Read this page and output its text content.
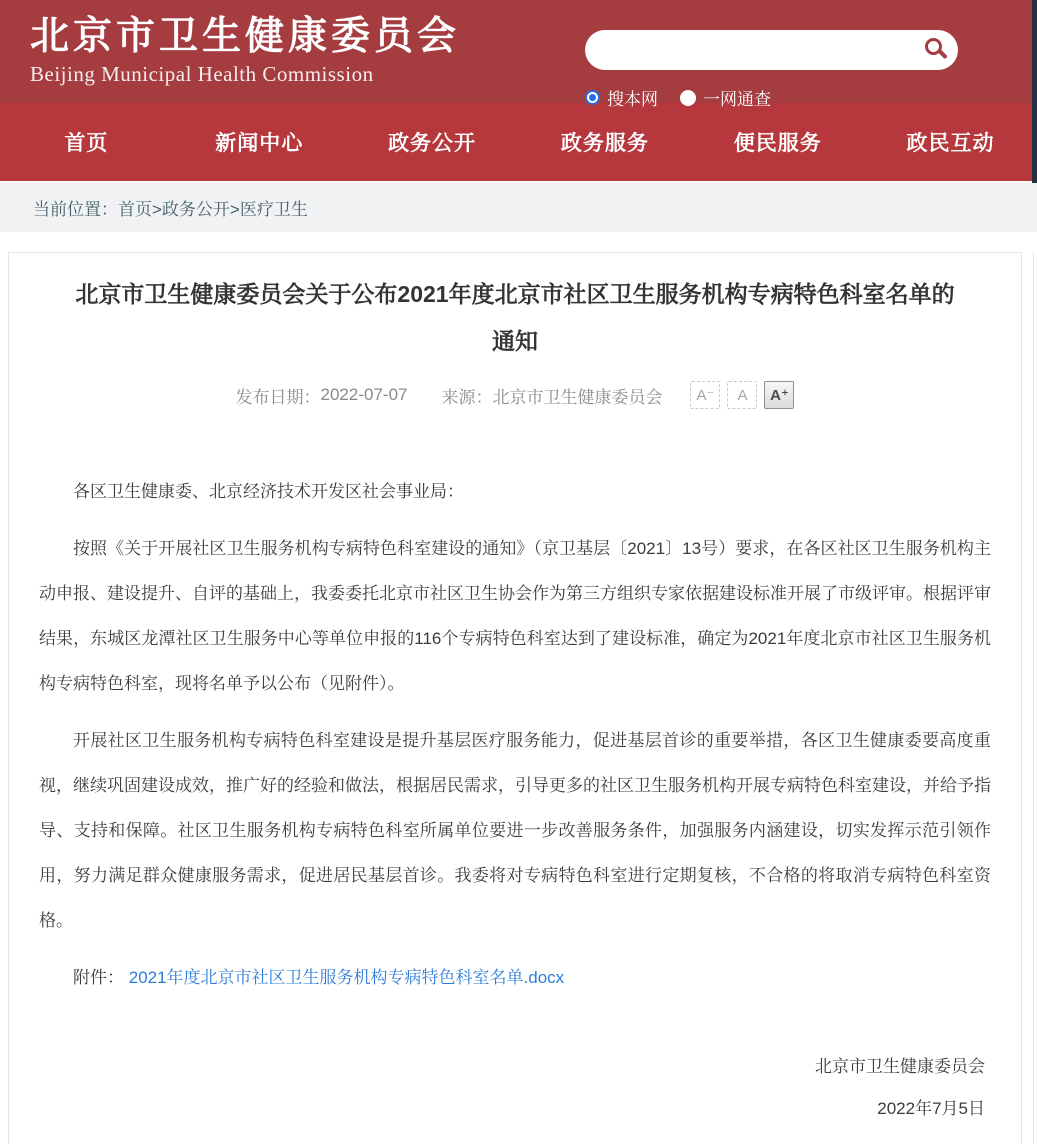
北京市卫生健康委员会
Beijing Municipal Health Commission
搜本网	一网通查
首页	新闻中心	政务公开	政务服务	便民服务	政民互动
当前位置： 首页>政务公开>医疗卫生
北京市卫生健康委员会关于公布2021年度北京市社区卫生服务机构专病特色科室名单的
通知
发布日期： 2022-07-07 来源： 北京市卫生健康委员会	A⁻	A	A⁺

各区卫生健康委、北京经济技术开发区社会事业局：

按照《关于开展社区卫生服务机构专病特色科室建设的通知》（京卫基层〔2021〕13号）要求，在各区社区卫生服务机构主动申报、建设提升、自评的基础上，我委委托北京市社区卫生协会作为第三方组织专家依据建设标准开展了市级评审。根据评审结果，东城区龙潭社区卫生服务中心等单位申报的116个专病特色科室达到了建设标准，确定为2021年度北京市社区卫生服务机构专病特色科室，现将名单予以公布（见附件）。

开展社区卫生服务机构专病特色科室建设是提升基层医疗服务能力，促进基层首诊的重要举措，各区卫生健康委要高度重视，继续巩固建设成效，推广好的经验和做法，根据居民需求，引导更多的社区卫生服务机构开展专病特色科室建设，并给予指导、支持和保障。社区卫生服务机构专病特色科室所属单位要进一步改善服务条件，加强服务内涵建设，切实发挥示范引领作用，努力满足群众健康服务需求，促进居民基层首诊。我委将对专病特色科室进行定期复核，不合格的将取消专病特色科室资格。

附件： 2021年度北京市社区卫生服务机构专病特色科室名单.docx
北京市卫生健康委员会
2022年7月5日
